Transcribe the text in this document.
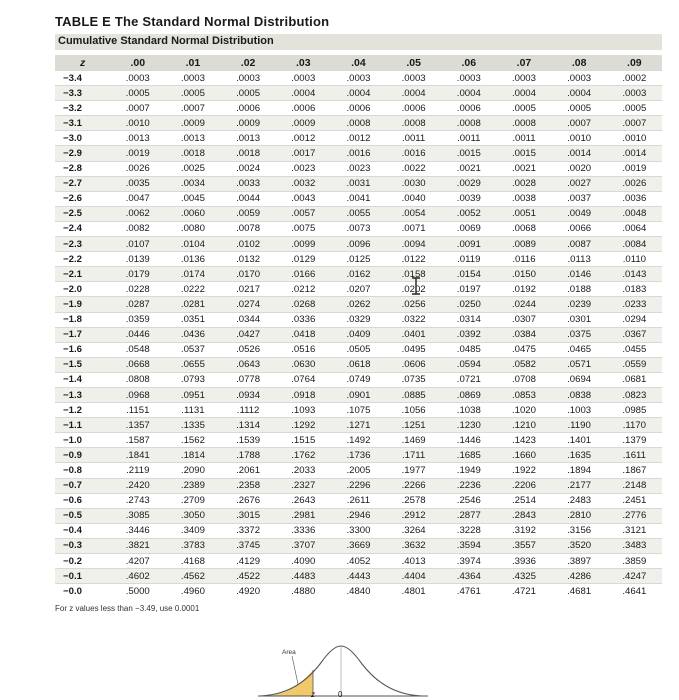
TABLE E The Standard Normal Distribution
Cumulative Standard Normal Distribution
z	.00	.01	.02	.03	.04	.05	.06	.07	.08	.09
−3.4	.0003	.0003	.0003	.0003	.0003	.0003	.0003	.0003	.0003	.0002
−3.3	.0005	.0005	.0005	.0004	.0004	.0004	.0004	.0004	.0004	.0003
−3.2	.0007	.0007	.0006	.0006	.0006	.0006	.0006	.0005	.0005	.0005
−3.1	.0010	.0009	.0009	.0009	.0008	.0008	.0008	.0008	.0007	.0007
−3.0	.0013	.0013	.0013	.0012	.0012	.0011	.0011	.0011	.0010	.0010
−2.9	.0019	.0018	.0018	.0017	.0016	.0016	.0015	.0015	.0014	.0014
−2.8	.0026	.0025	.0024	.0023	.0023	.0022	.0021	.0021	.0020	.0019
−2.7	.0035	.0034	.0033	.0032	.0031	.0030	.0029	.0028	.0027	.0026
−2.6	.0047	.0045	.0044	.0043	.0041	.0040	.0039	.0038	.0037	.0036
−2.5	.0062	.0060	.0059	.0057	.0055	.0054	.0052	.0051	.0049	.0048
−2.4	.0082	.0080	.0078	.0075	.0073	.0071	.0069	.0068	.0066	.0064
−2.3	.0107	.0104	.0102	.0099	.0096	.0094	.0091	.0089	.0087	.0084
−2.2	.0139	.0136	.0132	.0129	.0125	.0122	.0119	.0116	.0113	.0110
−2.1	.0179	.0174	.0170	.0166	.0162	.0158	.0154	.0150	.0146	.0143
−2.0	.0228	.0222	.0217	.0212	.0207	.0202	.0197	.0192	.0188	.0183
−1.9	.0287	.0281	.0274	.0268	.0262	.0256	.0250	.0244	.0239	.0233
−1.8	.0359	.0351	.0344	.0336	.0329	.0322	.0314	.0307	.0301	.0294
−1.7	.0446	.0436	.0427	.0418	.0409	.0401	.0392	.0384	.0375	.0367
−1.6	.0548	.0537	.0526	.0516	.0505	.0495	.0485	.0475	.0465	.0455
−1.5	.0668	.0655	.0643	.0630	.0618	.0606	.0594	.0582	.0571	.0559
−1.4	.0808	.0793	.0778	.0764	.0749	.0735	.0721	.0708	.0694	.0681
−1.3	.0968	.0951	.0934	.0918	.0901	.0885	.0869	.0853	.0838	.0823
−1.2	.1151	.1131	.1112	.1093	.1075	.1056	.1038	.1020	.1003	.0985
−1.1	.1357	.1335	.1314	.1292	.1271	.1251	.1230	.1210	.1190	.1170
−1.0	.1587	.1562	.1539	.1515	.1492	.1469	.1446	.1423	.1401	.1379
−0.9	.1841	.1814	.1788	.1762	.1736	.1711	.1685	.1660	.1635	.1611
−0.8	.2119	.2090	.2061	.2033	.2005	.1977	.1949	.1922	.1894	.1867
−0.7	.2420	.2389	.2358	.2327	.2296	.2266	.2236	.2206	.2177	.2148
−0.6	.2743	.2709	.2676	.2643	.2611	.2578	.2546	.2514	.2483	.2451
−0.5	.3085	.3050	.3015	.2981	.2946	.2912	.2877	.2843	.2810	.2776
−0.4	.3446	.3409	.3372	.3336	.3300	.3264	.3228	.3192	.3156	.3121
−0.3	.3821	.3783	.3745	.3707	.3669	.3632	.3594	.3557	.3520	.3483
−0.2	.4207	.4168	.4129	.4090	.4052	.4013	.3974	.3936	.3897	.3859
−0.1	.4602	.4562	.4522	.4483	.4443	.4404	.4364	.4325	.4286	.4247
−0.0	.5000	.4960	.4920	.4880	.4840	.4801	.4761	.4721	.4681	.4641
For z values less than −3.49, use 0.0001
Area
z	0
